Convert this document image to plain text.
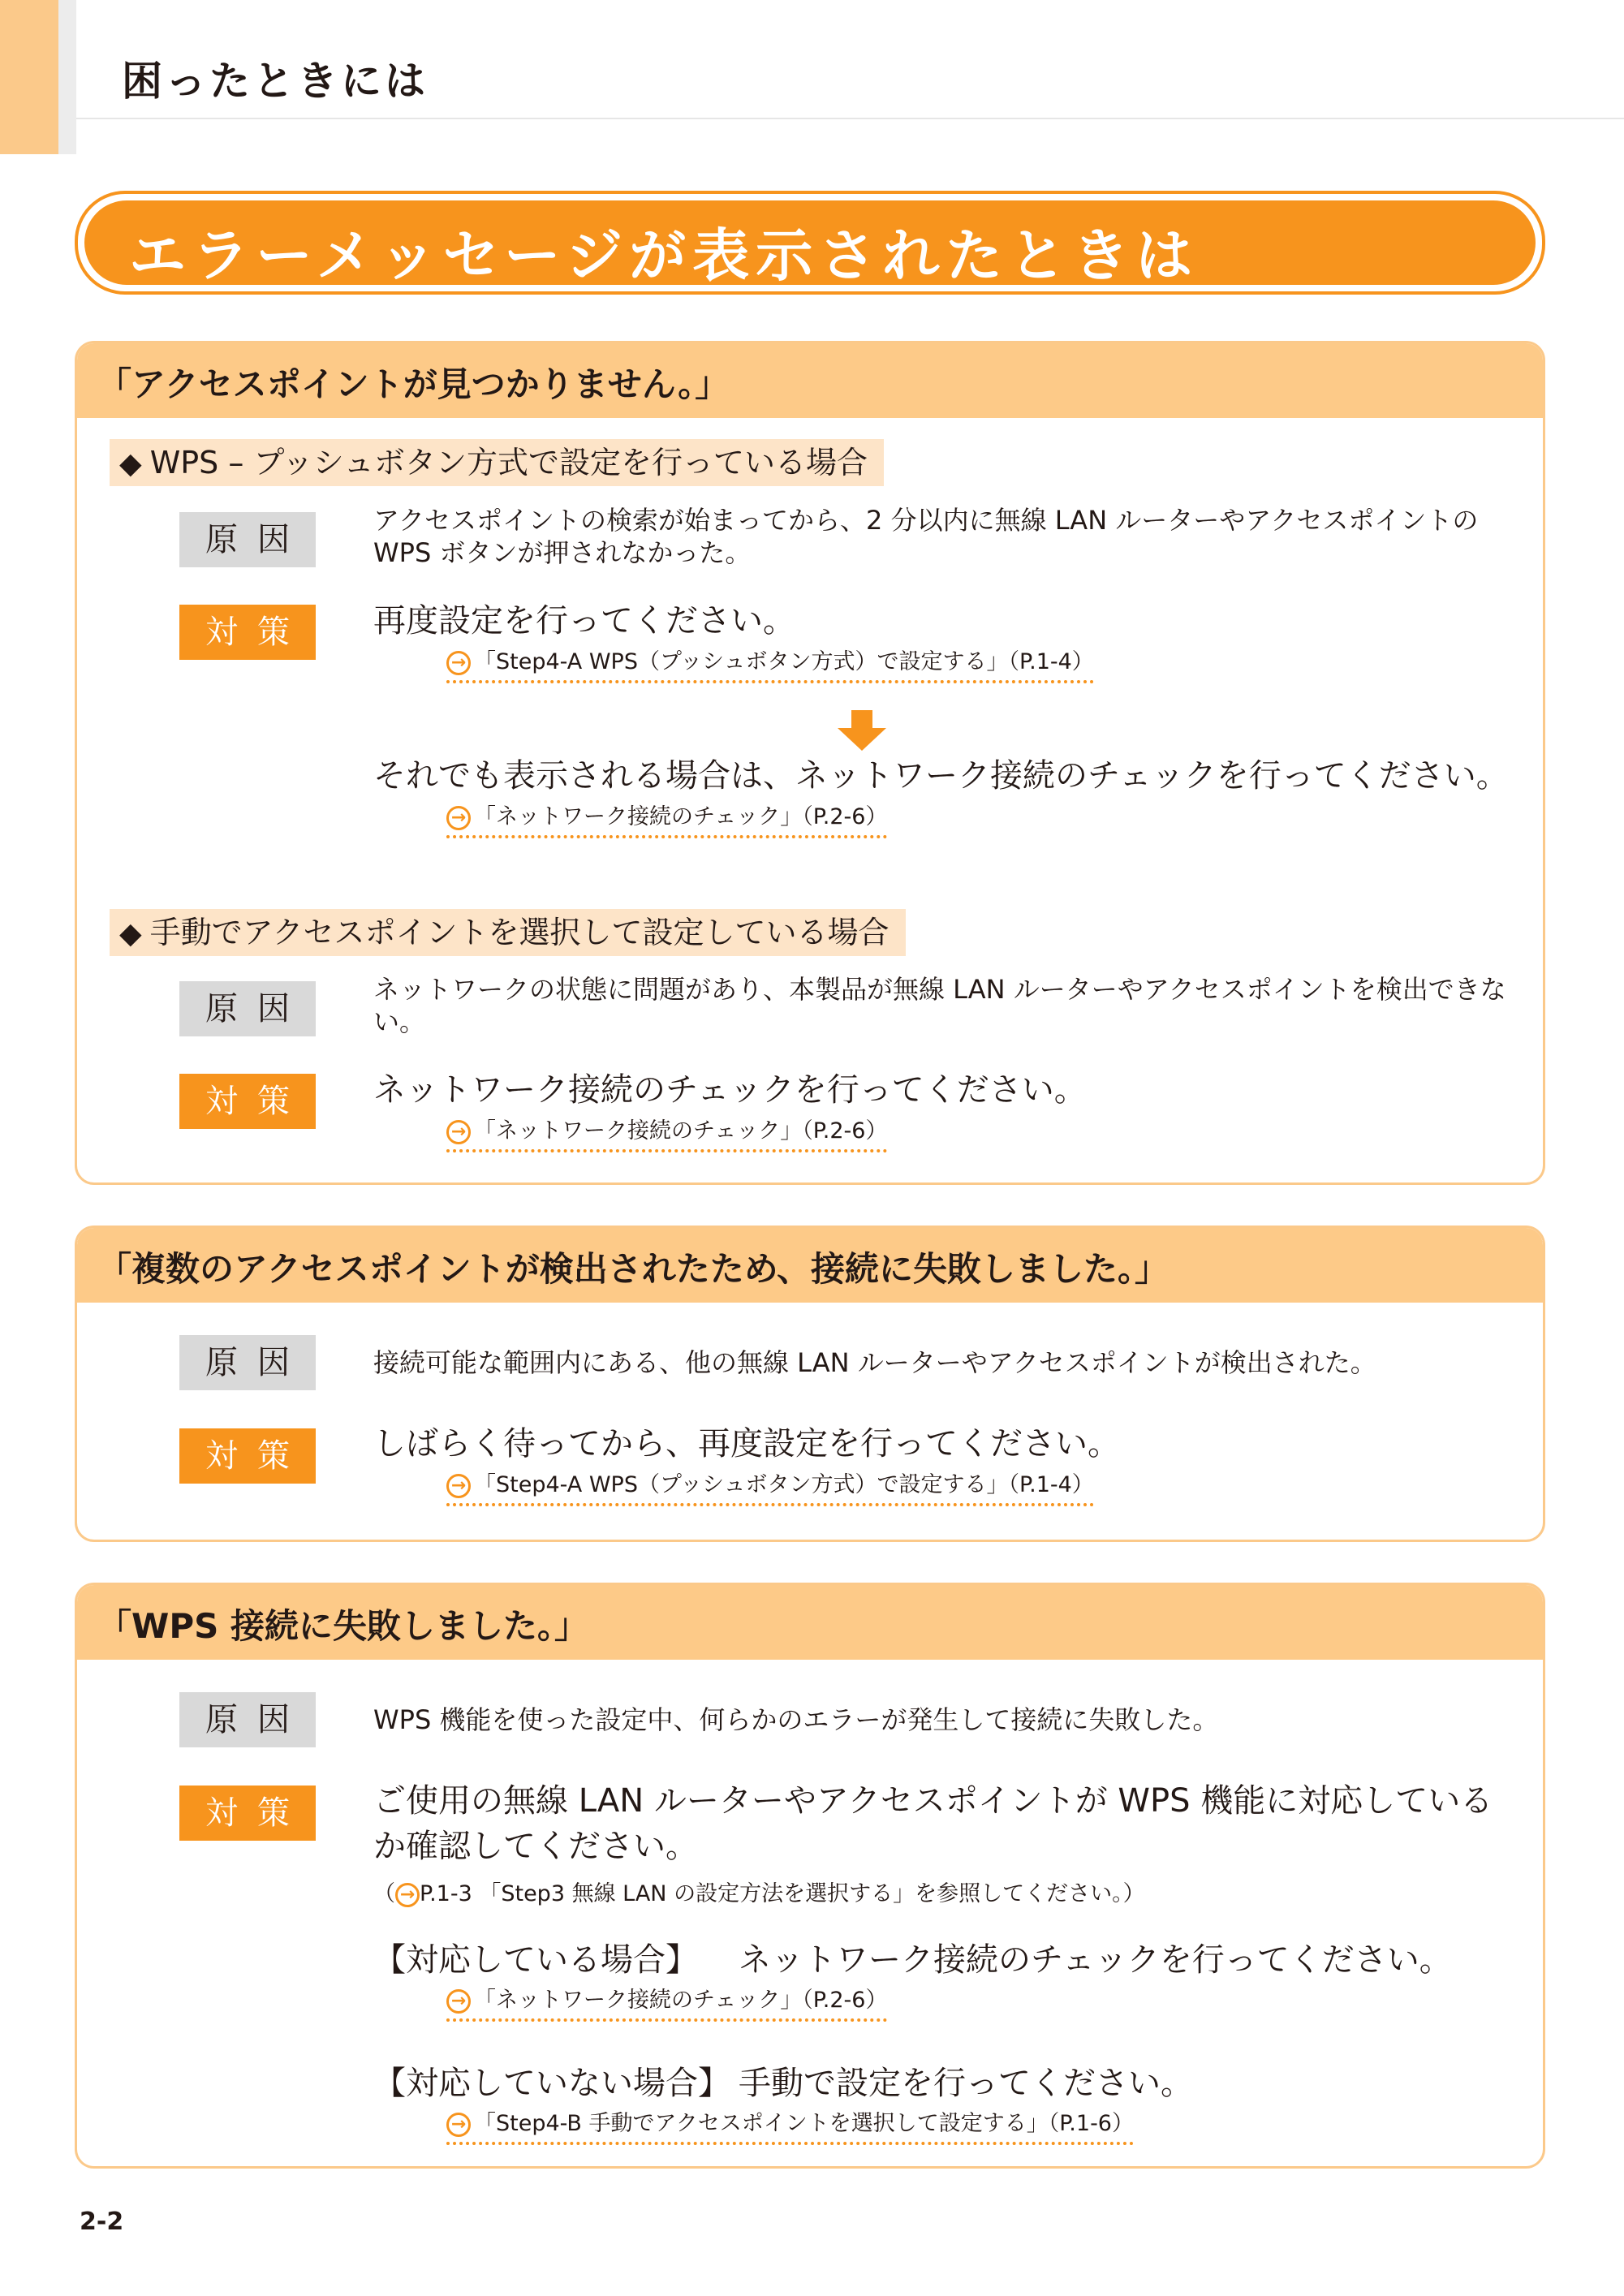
困ったときには
エラーメッセージが表示されたときは
「アクセスポイントが見つかりません。」
◆ WPS – プッシュボタン方式で設定を行っている場合
原因
アクセスポイントの検索が始まってから、2 分以内に無線 LAN ルーターやアクセスポイントの WPS ボタンが押されなかった。
対策 再度設定を行ってください。
→ 「Step4-A WPS（プッシュボタン方式）で設定する」（P.1-4）
それでも表示される場合は、ネットワーク接続のチェックを行ってください。
→ 「ネットワーク接続のチェック」（P.2-6）
◆ 手動でアクセスポイントを選択して設定している場合
原因
ネットワークの状態に問題があり、本製品が無線 LAN ルーターやアクセスポイントを検出できない。
対策 ネットワーク接続のチェックを行ってください。
→ 「ネットワーク接続のチェック」（P.2-6）
「複数のアクセスポイントが検出されたため、接続に失敗しました。」
原因 接続可能な範囲内にある、他の無線 LAN ルーターやアクセスポイントが検出された。
対策 しばらく待ってから、再度設定を行ってください。
→ 「Step4-A WPS（プッシュボタン方式）で設定する」（P.1-4）
「WPS 接続に失敗しました。」
原因 WPS 機能を使った設定中、何らかのエラーが発生して接続に失敗した。
対策 ご使用の無線 LAN ルーターやアクセスポイントが WPS 機能に対応しているか確認してください。
（ → P.1-3 「Step3 無線 LAN の設定方法を選択する」を参照してください。）
【対応している場合】 ネットワーク接続のチェックを行ってください。
→ 「ネットワーク接続のチェック」（P.2-6）
【対応していない場合】 手動で設定を行ってください。
→ 「Step4-B 手動でアクセスポイントを選択して設定する」（P.1-6）
2-2
